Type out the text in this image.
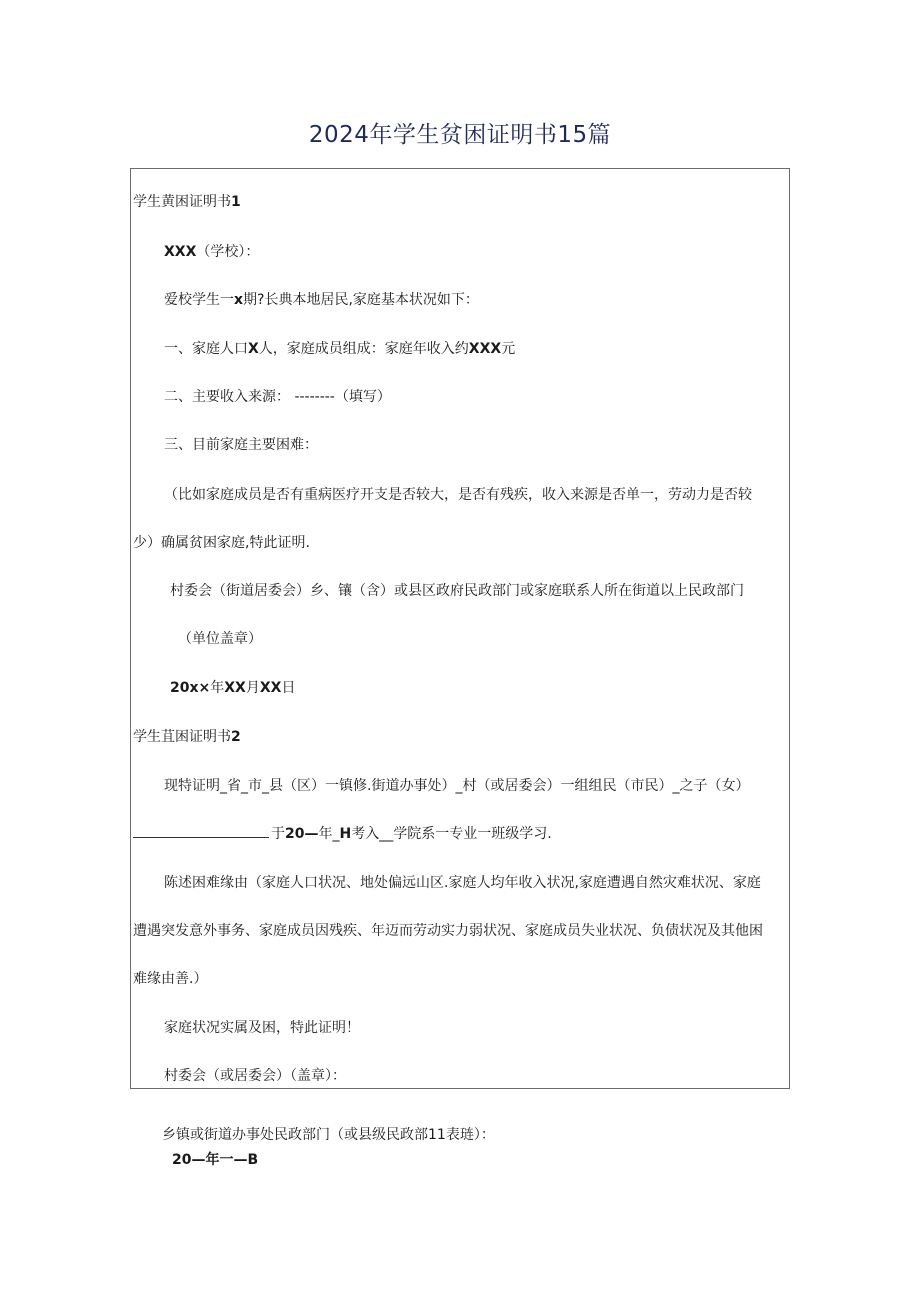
2024年学生贫困证明书15篇
学生黄困证明书1
XXX（学校）：
爱校学生一x期?长典本地居民,家庭基本状况如下：
一、家庭人口X人，家庭成员组成：家庭年收入约XXX元
二、主要收入来源： --------（填写）
三、目前家庭主要困难：
（比如家庭成员是否有重病医疗开支是否较大，是否有残疾，收入来源是否单一，劳动力是否较
少）确属贫困家庭,特此证明.
村委会（街道居委会）乡、镶（含）或县区政府民政部门或家庭联系人所在街道以上民政部门
（单位盖章）
20x×年XX月XX日
学生苴困证明书2
现特证明_省_市_县（区）一镇修.街道办事处）_村（或居委会）一组组民（市民）_之子（女）
于20—年_H考入__学院系一专业一班级学习.
陈述困难缘由（家庭人口状况、地处偏远山区.家庭人均年收入状况,家庭遭遇自然灾难状况、家庭
遭遇突发意外事务、家庭成员因残疾、年迈而劳动实力弱状况、家庭成员失业状况、负债状况及其他困
难缘由善.）
家庭状况实属及困，特此证明！
村委会（或居委会）（盖章）：
乡镇或街道办事处民政部门（或县级民政部11表琏）：
20—年一—B
